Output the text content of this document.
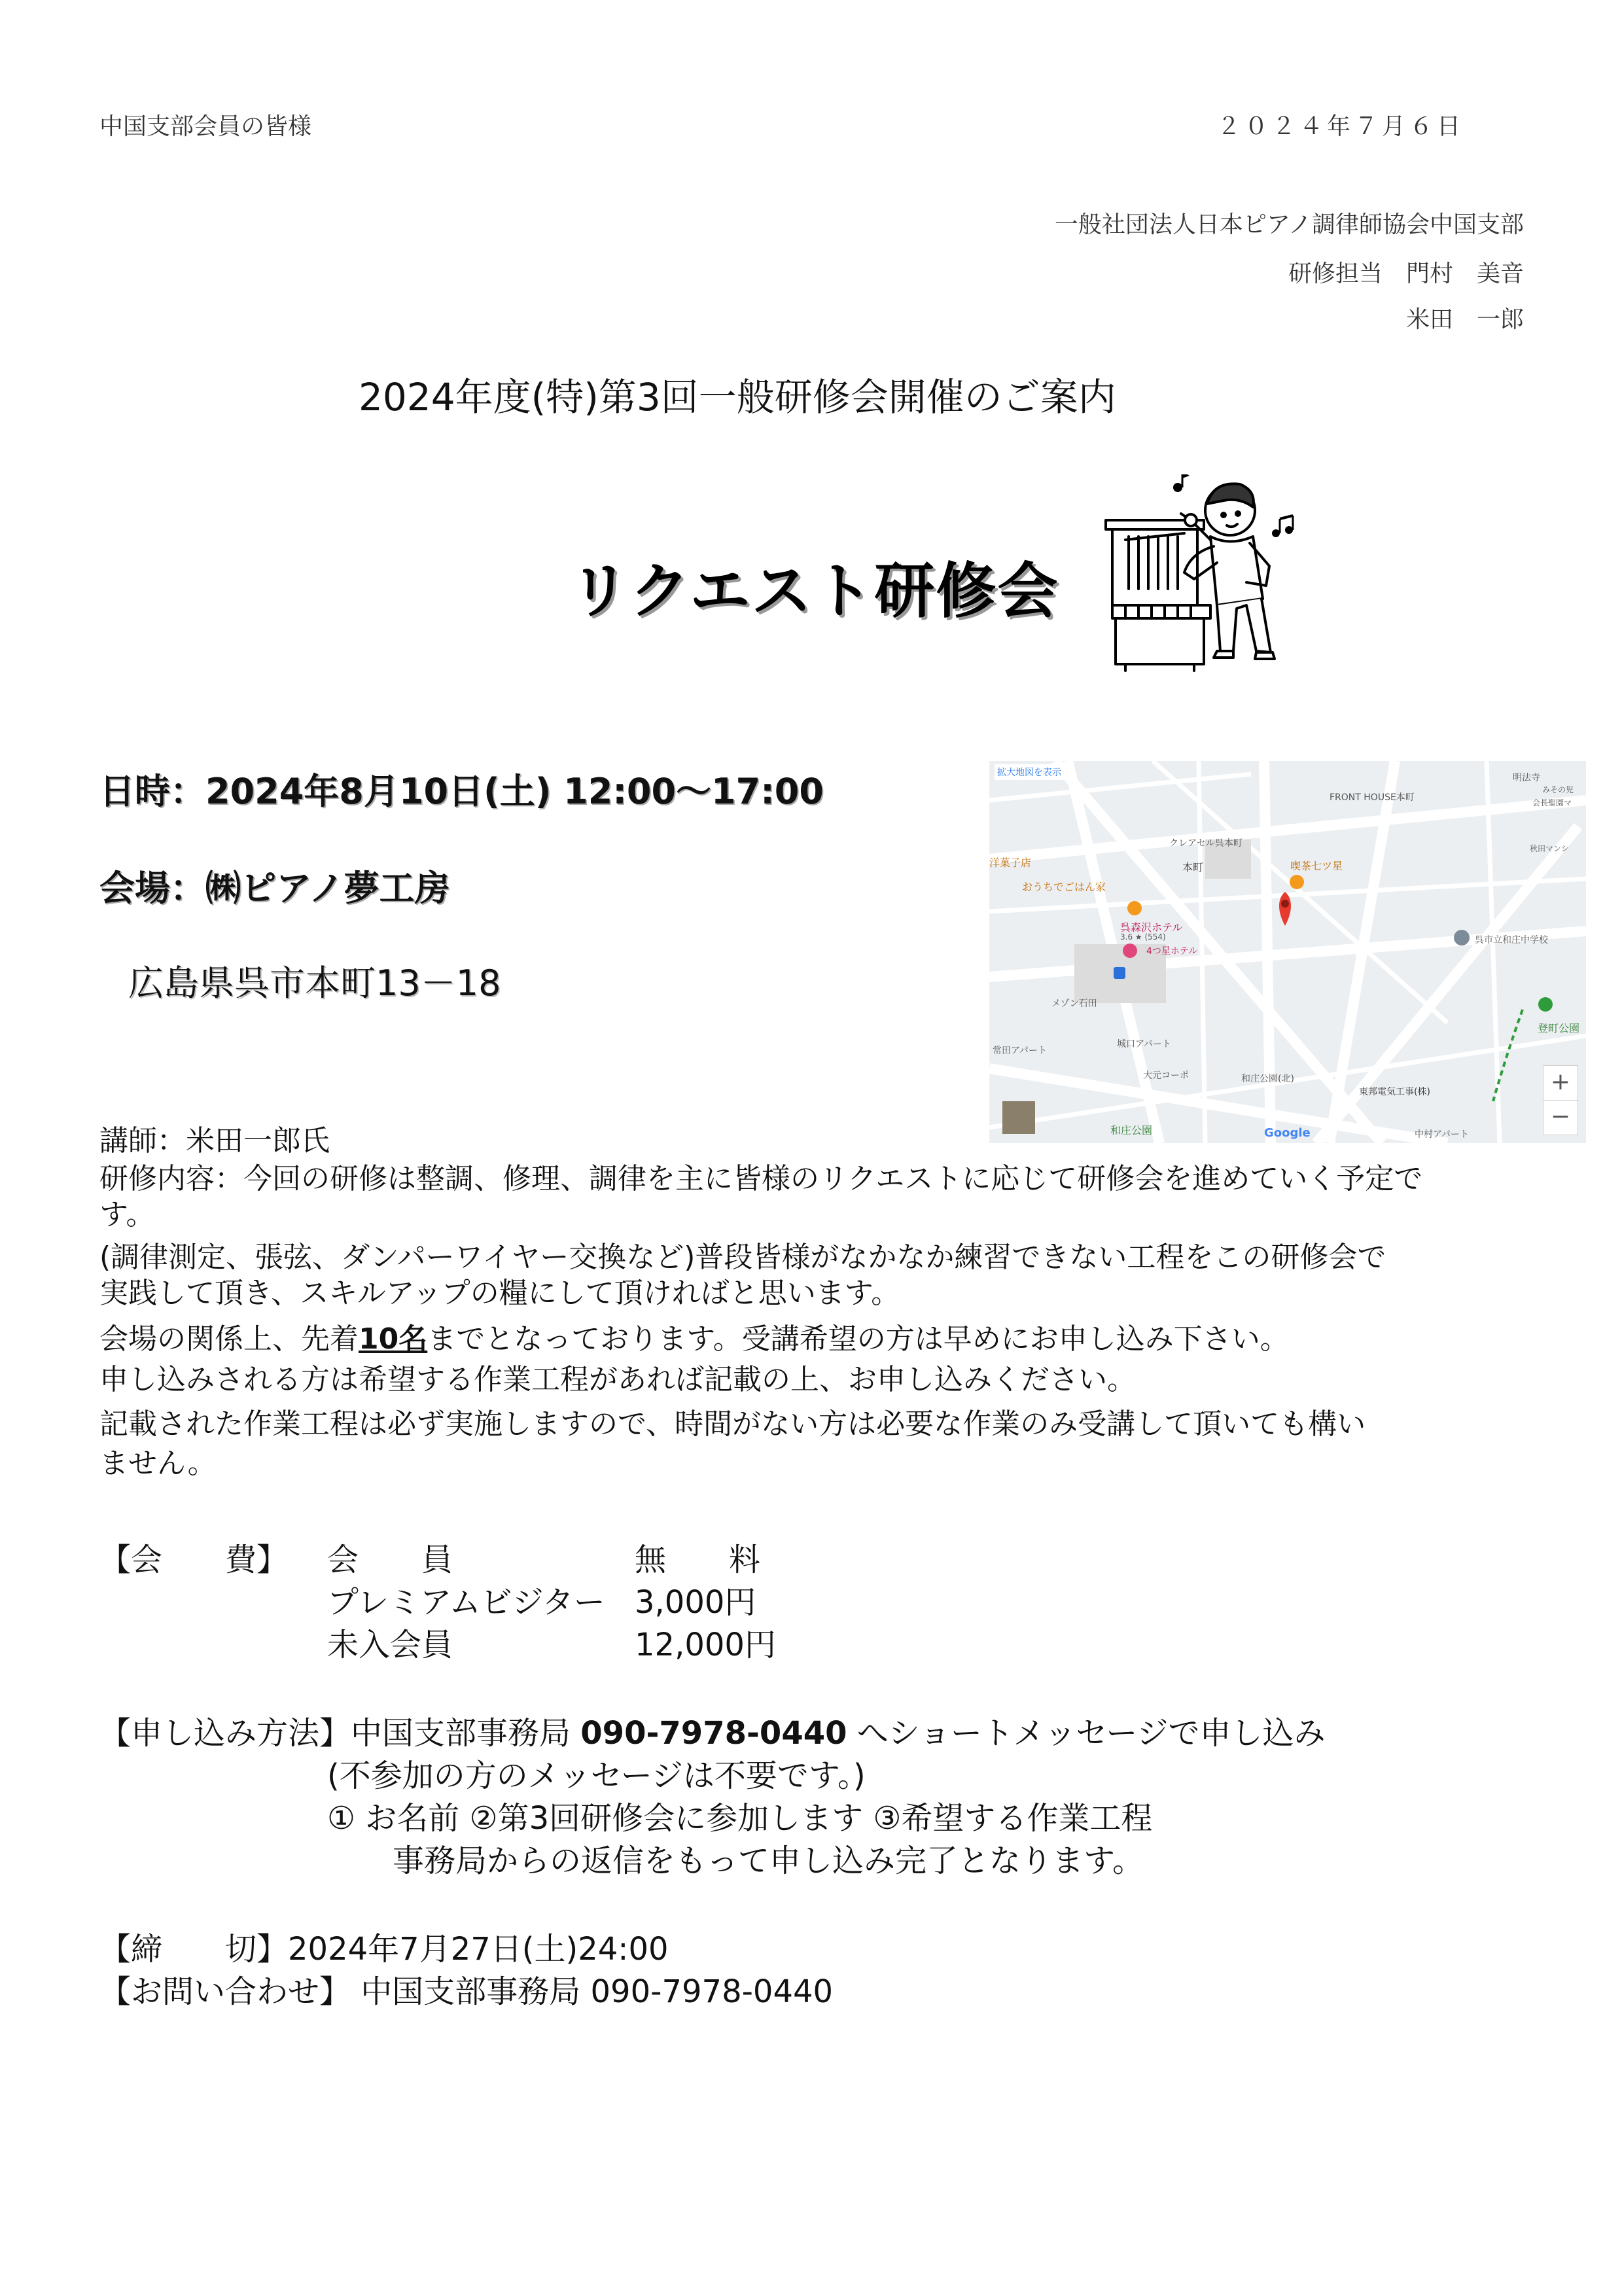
中国支部会員の皆様	２０２４年７月６日
一般社団法人日本ピアノ調律師協会中国支部
研修担当　門村　美音
米田　一郎
2024年度(特)第3回一般研修会開催のご案内
リクエスト研修会
日時：2024年8月10日(土) 12:00～17:00
会場：㈱ピアノ夢工房
広島県呉市本町13－18
拡大地図を表示
FRONT HOUSE本町
明法寺
みその児
会長聖園マ
秋田マンシ
クレアセル呉本町
本町	喫茶七ツ星
洋菓子店
おうちでごはん家
呉森沢ホテル
3.6 ★ (554)
4つ星ホテル
呉市立和庄中学校
登町公園
メゾン石田
常田アパート
城口アパート
大元コーポ	和庄公園(北)
東邦電気工事(株)
和庄公園	中村アパート
Google
+
−
講師：米田一郎氏
研修内容：今回の研修は整調、修理、調律を主に皆様のリクエストに応じて研修会を進めていく予定で
す。
(調律測定、張弦、ダンパーワイヤー交換など)普段皆様がなかなか練習できない工程をこの研修会で
実践して頂き、スキルアップの糧にして頂ければと思います。
会場の関係上、先着10名までとなっております。受講希望の方は早めにお申し込み下さい。
申し込みされる方は希望する作業工程があれば記載の上、お申し込みください。
記載された作業工程は必ず実施しますので、時間がない方は必要な作業のみ受講して頂いても構い
ません。
【会　　費】 会　　員	無　　料
プレミアムビジター 3,000円
未入会員	12,000円
【申し込み方法】中国支部事務局 090-7978-0440 へショートメッセージで申し込み
(不参加の方のメッセージは不要です。)
① お名前 ②第3回研修会に参加します ③希望する作業工程
事務局からの返信をもって申し込み完了となります。
【締　　切】2024年7月27日(土)24:00
【お問い合わせ】 中国支部事務局 090-7978-0440
